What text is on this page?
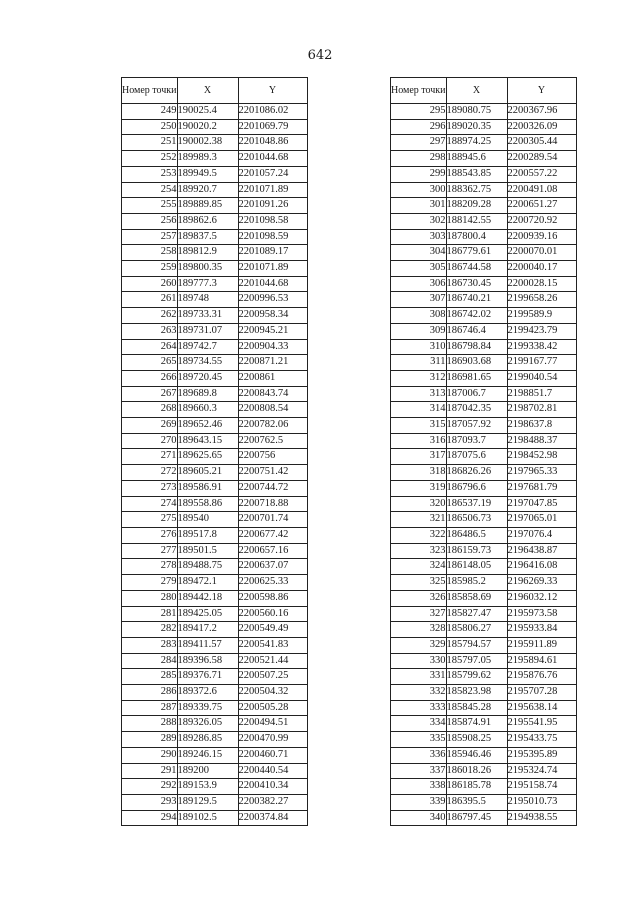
642
Номер точки	X	Y
249	190025.4	2201086.02
250	190020.2	2201069.79
251	190002.38	2201048.86
252	189989.3	2201044.68
253	189949.5	2201057.24
254	189920.7	2201071.89
255	189889.85	2201091.26
256	189862.6	2201098.58
257	189837.5	2201098.59
258	189812.9	2201089.17
259	189800.35	2201071.89
260	189777.3	2201044.68
261	189748	2200996.53
262	189733.31	2200958.34
263	189731.07	2200945.21
264	189742.7	2200904.33
265	189734.55	2200871.21
266	189720.45	2200861
267	189689.8	2200843.74
268	189660.3	2200808.54
269	189652.46	2200782.06
270	189643.15	2200762.5
271	189625.65	2200756
272	189605.21	2200751.42
273	189586.91	2200744.72
274	189558.86	2200718.88
275	189540	2200701.74
276	189517.8	2200677.42
277	189501.5	2200657.16
278	189488.75	2200637.07
279	189472.1	2200625.33
280	189442.18	2200598.86
281	189425.05	2200560.16
282	189417.2	2200549.49
283	189411.57	2200541.83
284	189396.58	2200521.44
285	189376.71	2200507.25
286	189372.6	2200504.32
287	189339.75	2200505.28
288	189326.05	2200494.51
289	189286.85	2200470.99
290	189246.15	2200460.71
291	189200	2200440.54
292	189153.9	2200410.34
293	189129.5	2200382.27
294	189102.5	2200374.84
Номер точки	X	Y
295	189080.75	2200367.96
296	189020.35	2200326.09
297	188974.25	2200305.44
298	188945.6	2200289.54
299	188543.85	2200557.22
300	188362.75	2200491.08
301	188209.28	2200651.27
302	188142.55	2200720.92
303	187800.4	2200939.16
304	186779.61	2200070.01
305	186744.58	2200040.17
306	186730.45	2200028.15
307	186740.21	2199658.26
308	186742.02	2199589.9
309	186746.4	2199423.79
310	186798.84	2199338.42
311	186903.68	2199167.77
312	186981.65	2199040.54
313	187006.7	2198851.7
314	187042.35	2198702.81
315	187057.92	2198637.8
316	187093.7	2198488.37
317	187075.6	2198452.98
318	186826.26	2197965.33
319	186796.6	2197681.79
320	186537.19	2197047.85
321	186506.73	2197065.01
322	186486.5	2197076.4
323	186159.73	2196438.87
324	186148.05	2196416.08
325	185985.2	2196269.33
326	185858.69	2196032.12
327	185827.47	2195973.58
328	185806.27	2195933.84
329	185794.57	2195911.89
330	185797.05	2195894.61
331	185799.62	2195876.76
332	185823.98	2195707.28
333	185845.28	2195638.14
334	185874.91	2195541.95
335	185908.25	2195433.75
336	185946.46	2195395.89
337	186018.26	2195324.74
338	186185.78	2195158.74
339	186395.5	2195010.73
340	186797.45	2194938.55
